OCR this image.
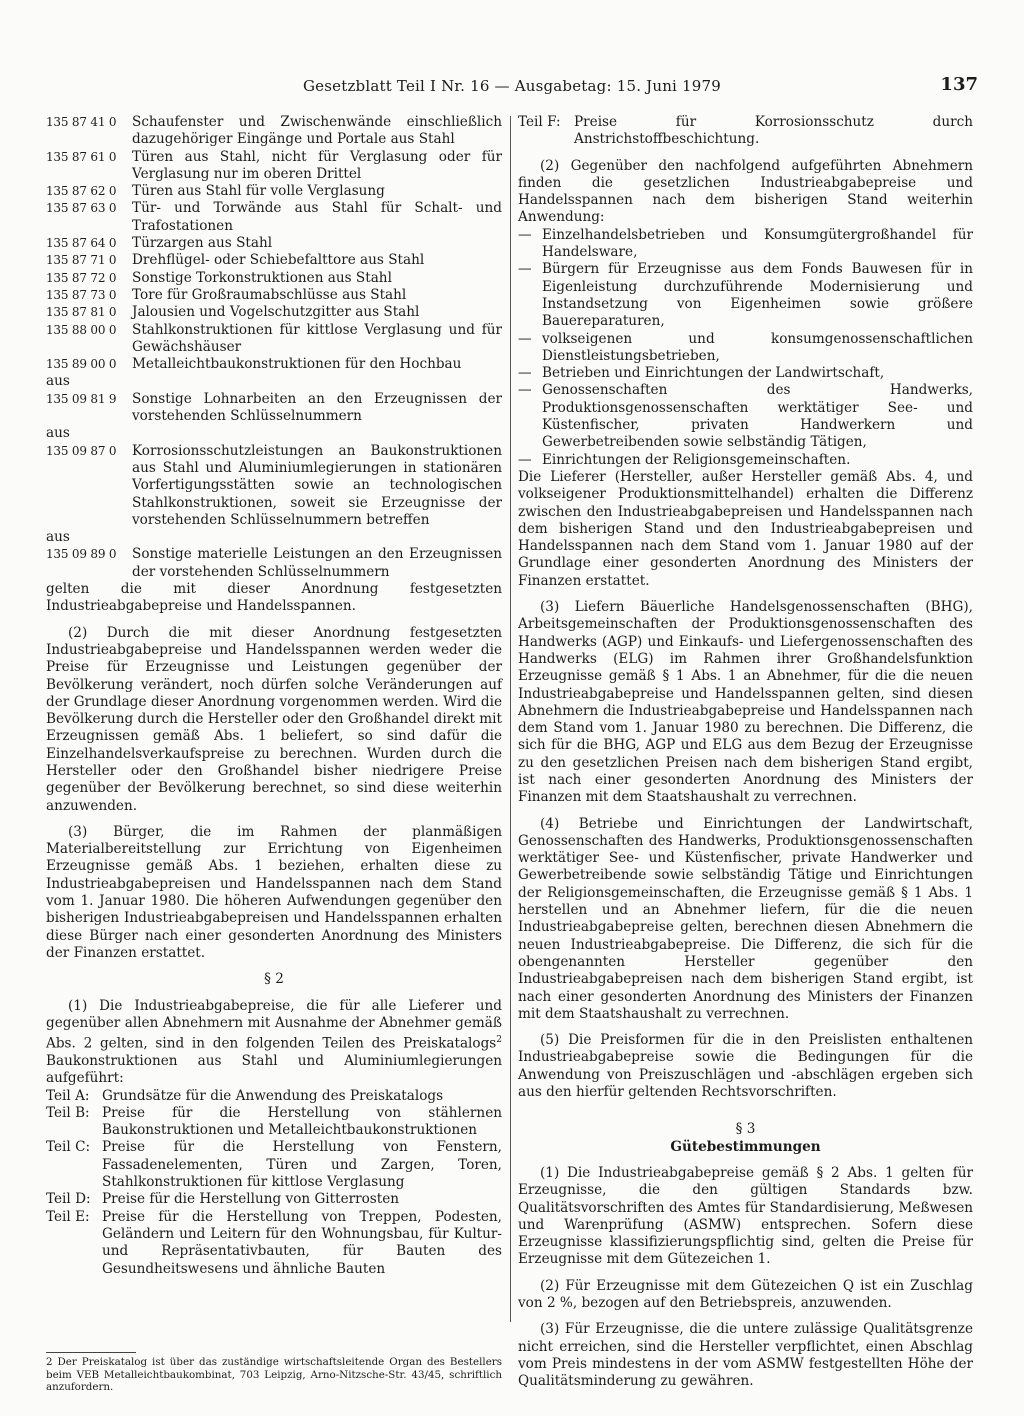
Gesetzblatt Teil I Nr. 16 — Ausgabetag: 15. Juni 1979	137
135 87 41 0	Schaufenster und Zwischenwände einschließlich dazugehöriger Eingänge und Portale aus Stahl
135 87 61 0	Türen aus Stahl, nicht für Verglasung oder für Verglasung nur im oberen Drittel
135 87 62 0	Türen aus Stahl für volle Verglasung
135 87 63 0	Tür- und Torwände aus Stahl für Schalt- und Trafostationen
135 87 64 0	Türzargen aus Stahl
135 87 71 0	Drehflügel- oder Schiebefalttore aus Stahl
135 87 72 0	Sonstige Torkonstruktionen aus Stahl
135 87 73 0	Tore für Großraumabschlüsse aus Stahl
135 87 81 0	Jalousien und Vogelschutzgitter aus Stahl
135 88 00 0	Stahlkonstruktionen für kittlose Verglasung und für Gewächshäuser
135 89 00 0	Metalleichtbaukonstruktionen für den Hochbau

aus

135 09 81 9	Sonstige Lohnarbeiten an den Erzeugnissen der vorstehenden Schlüsselnummern

aus

135 09 87 0	Korrosionsschutzleistungen an Baukonstruktionen aus Stahl und Aluminiumlegierungen in stationären Vorfertigungsstätten sowie an technologischen Stahlkonstruktionen, soweit sie Erzeugnisse der vorstehenden Schlüsselnummern betreffen

aus

135 09 89 0	Sonstige materielle Leistungen an den Erzeugnissen der vorstehenden Schlüsselnummern

gelten die mit dieser Anordnung festgesetzten Industrieabgabepreise und Handelsspannen.

(2) Durch die mit dieser Anordnung festgesetzten Industrieabgabepreise und Handelsspannen werden weder die Preise für Erzeugnisse und Leistungen gegenüber der Bevölkerung verändert, noch dürfen solche Veränderungen auf der Grundlage dieser Anordnung vorgenommen werden. Wird die Bevölkerung durch die Hersteller oder den Großhandel direkt mit Erzeugnissen gemäß Abs. 1 beliefert, so sind dafür die Einzelhandelsverkaufspreise zu berechnen. Wurden durch die Hersteller oder den Großhandel bisher niedrigere Preise gegenüber der Bevölkerung berechnet, so sind diese weiterhin anzuwenden.

(3) Bürger, die im Rahmen der planmäßigen Materialbereitstellung zur Errichtung von Eigenheimen Erzeugnisse gemäß Abs. 1 beziehen, erhalten diese zu Industrieabgabepreisen und Handelsspannen nach dem Stand vom 1. Januar 1980. Die höheren Aufwendungen gegenüber den bisherigen Industrieabgabepreisen und Handelsspannen erhalten diese Bürger nach einer gesonderten Anordnung des Ministers der Finanzen erstattet.

§ 2

(1) Die Industrieabgabepreise, die für alle Lieferer und gegenüber allen Abnehmern mit Ausnahme der Abnehmer gemäß Abs. 2 gelten, sind in den folgenden Teilen des Preiskatalogs$^2$ Baukonstruktionen aus Stahl und Aluminiumlegierungen aufgeführt:

Teil A: Grundsätze für die Anwendung des Preiskatalogs
Teil B: Preise für die Herstellung von stählernen Baukonstruktionen und Metalleichtbaukonstruktionen
Teil C: Preise für die Herstellung von Fenstern, Fassadenelementen, Türen und Zargen, Toren, Stahlkonstruktionen für kittlose Verglasung
Teil D: Preise für die Herstellung von Gitterrosten
Teil E: Preise für die Herstellung von Treppen, Podesten, Geländern und Leitern für den Wohnungsbau, für Kultur- und Repräsentativbauten, für Bauten des Gesundheitswesens und ähnliche Bauten

2 Der Preiskatalog ist über das zuständige wirtschaftsleitende Organ des Bestellers beim VEB Metalleichtbaukombinat, 703 Leipzig, Arno-Nitzsche-Str. 43/45, schriftlich anzufordern.

Teil F: Preise für Korrosionsschutz durch Anstrichstoffbeschichtung.

(2) Gegenüber den nachfolgend aufgeführten Abnehmern finden die gesetzlichen Industrieabgabepreise und Handelsspannen nach dem bisherigen Stand weiterhin Anwendung:

— Einzelhandelsbetrieben und Konsumgütergroßhandel für Handelsware,
— Bürgern für Erzeugnisse aus dem Fonds Bauwesen für in Eigenleistung durchzuführende Modernisierung und Instandsetzung von Eigenheimen sowie größere Bauereparaturen,
— volkseigenen und konsumgenossenschaftlichen Dienstleistungsbetrieben,
— Betrieben und Einrichtungen der Landwirtschaft,
— Genossenschaften des Handwerks, Produktionsgenossenschaften werktätiger See- und Küstenfischer, privaten Handwerkern und Gewerbetreibenden sowie selbständig Tätigen,
— Einrichtungen der Religionsgemeinschaften.

Die Lieferer (Hersteller, außer Hersteller gemäß Abs. 4, und volkseigener Produktionsmittelhandel) erhalten die Differenz zwischen den Industrieabgabepreisen und Handelsspannen nach dem bisherigen Stand und den Industrieabgabepreisen und Handelsspannen nach dem Stand vom 1. Januar 1980 auf der Grundlage einer gesonderten Anordnung des Ministers der Finanzen erstattet.

(3) Liefern Bäuerliche Handelsgenossenschaften (BHG), Arbeitsgemeinschaften der Produktionsgenossenschaften des Handwerks (AGP) und Einkaufs- und Liefergenossenschaften des Handwerks (ELG) im Rahmen ihrer Großhandelsfunktion Erzeugnisse gemäß § 1 Abs. 1 an Abnehmer, für die die neuen Industrieabgabepreise und Handelsspannen gelten, sind diesen Abnehmern die Industrieabgabepreise und Handelsspannen nach dem Stand vom 1. Januar 1980 zu berechnen. Die Differenz, die sich für die BHG, AGP und ELG aus dem Bezug der Erzeugnisse zu den gesetzlichen Preisen nach dem bisherigen Stand ergibt, ist nach einer gesonderten Anordnung des Ministers der Finanzen mit dem Staatshaushalt zu verrechnen.

(4) Betriebe und Einrichtungen der Landwirtschaft, Genossenschaften des Handwerks, Produktionsgenossenschaften werktätiger See- und Küstenfischer, private Handwerker und Gewerbetreibende sowie selbständig Tätige und Einrichtungen der Religionsgemeinschaften, die Erzeugnisse gemäß § 1 Abs. 1 herstellen und an Abnehmer liefern, für die die neuen Industrieabgabepreise gelten, berechnen diesen Abnehmern die neuen Industrieabgabepreise. Die Differenz, die sich für die obengenannten Hersteller gegenüber den Industrieabgabepreisen nach dem bisherigen Stand ergibt, ist nach einer gesonderten Anordnung des Ministers der Finanzen mit dem Staatshaushalt zu verrechnen.

(5) Die Preisformen für die in den Preislisten enthaltenen Industrieabgabepreise sowie die Bedingungen für die Anwendung von Preiszuschlägen und -abschlägen ergeben sich aus den hierfür geltenden Rechtsvorschriften.

§ 3

Gütebestimmungen

(1) Die Industrieabgabepreise gemäß § 2 Abs. 1 gelten für Erzeugnisse, die den gültigen Standards bzw. Qualitätsvorschriften des Amtes für Standardisierung, Meßwesen und Warenprüfung (ASMW) entsprechen. Sofern diese Erzeugnisse klassifizierungspflichtig sind, gelten die Preise für Erzeugnisse mit dem Gütezeichen 1.

(2) Für Erzeugnisse mit dem Gütezeichen Q ist ein Zuschlag von 2 %, bezogen auf den Betriebspreis, anzuwenden.

(3) Für Erzeugnisse, die die untere zulässige Qualitätsgrenze nicht erreichen, sind die Hersteller verpflichtet, einen Abschlag vom Preis mindestens in der vom ASMW festgestellten Höhe der Qualitätsminderung zu gewähren.
